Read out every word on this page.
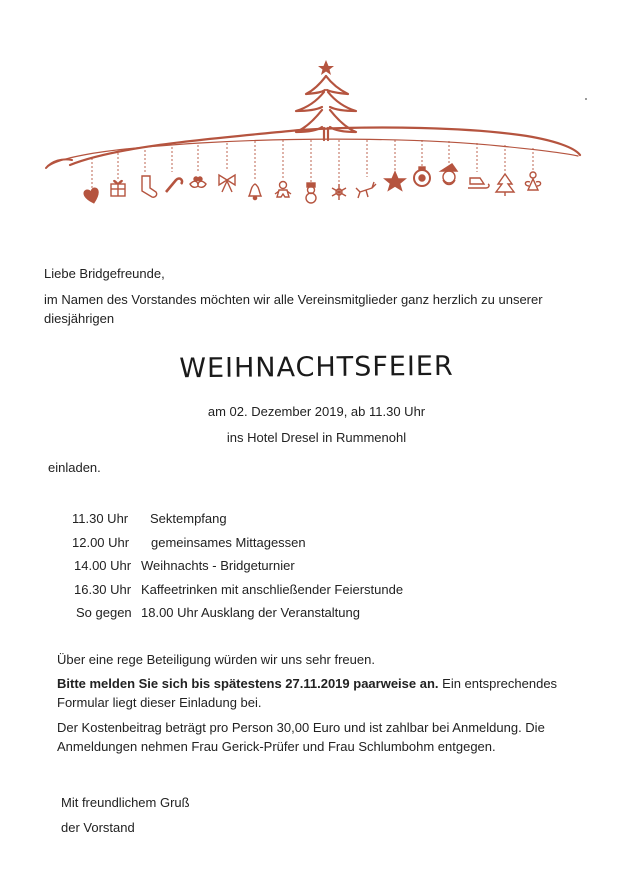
Liebe Bridgefreunde,
im Namen des Vorstandes möchten wir alle Vereinsmitglieder ganz herzlich zu unserer
diesjährigen
WEIHNACHTSFEIER
am 02. Dezember 2019, ab 11.30 Uhr
ins Hotel Dresel in Rummenohl
einladen.
11.30 Uhr Sektempfang
12.00 Uhr gemeinsames Mittagessen
14.00 Uhr Weihnachts - Bridgeturnier
16.30 Uhr Kaffeetrinken mit anschließender Feierstunde
So gegen 18.00 Uhr Ausklang der Veranstaltung
Über eine rege Beteiligung würden wir uns sehr freuen.
Bitte melden Sie sich bis spätestens 27.11.2019 paarweise an. Ein entsprechendes
Formular liegt dieser Einladung bei.
Der Kostenbeitrag beträgt pro Person 30,00 Euro und ist zahlbar bei Anmeldung. Die
Anmeldungen nehmen Frau Gerick-Prüfer und Frau Schlumbohm entgegen.
Mit freundlichem Gruß
der Vorstand
